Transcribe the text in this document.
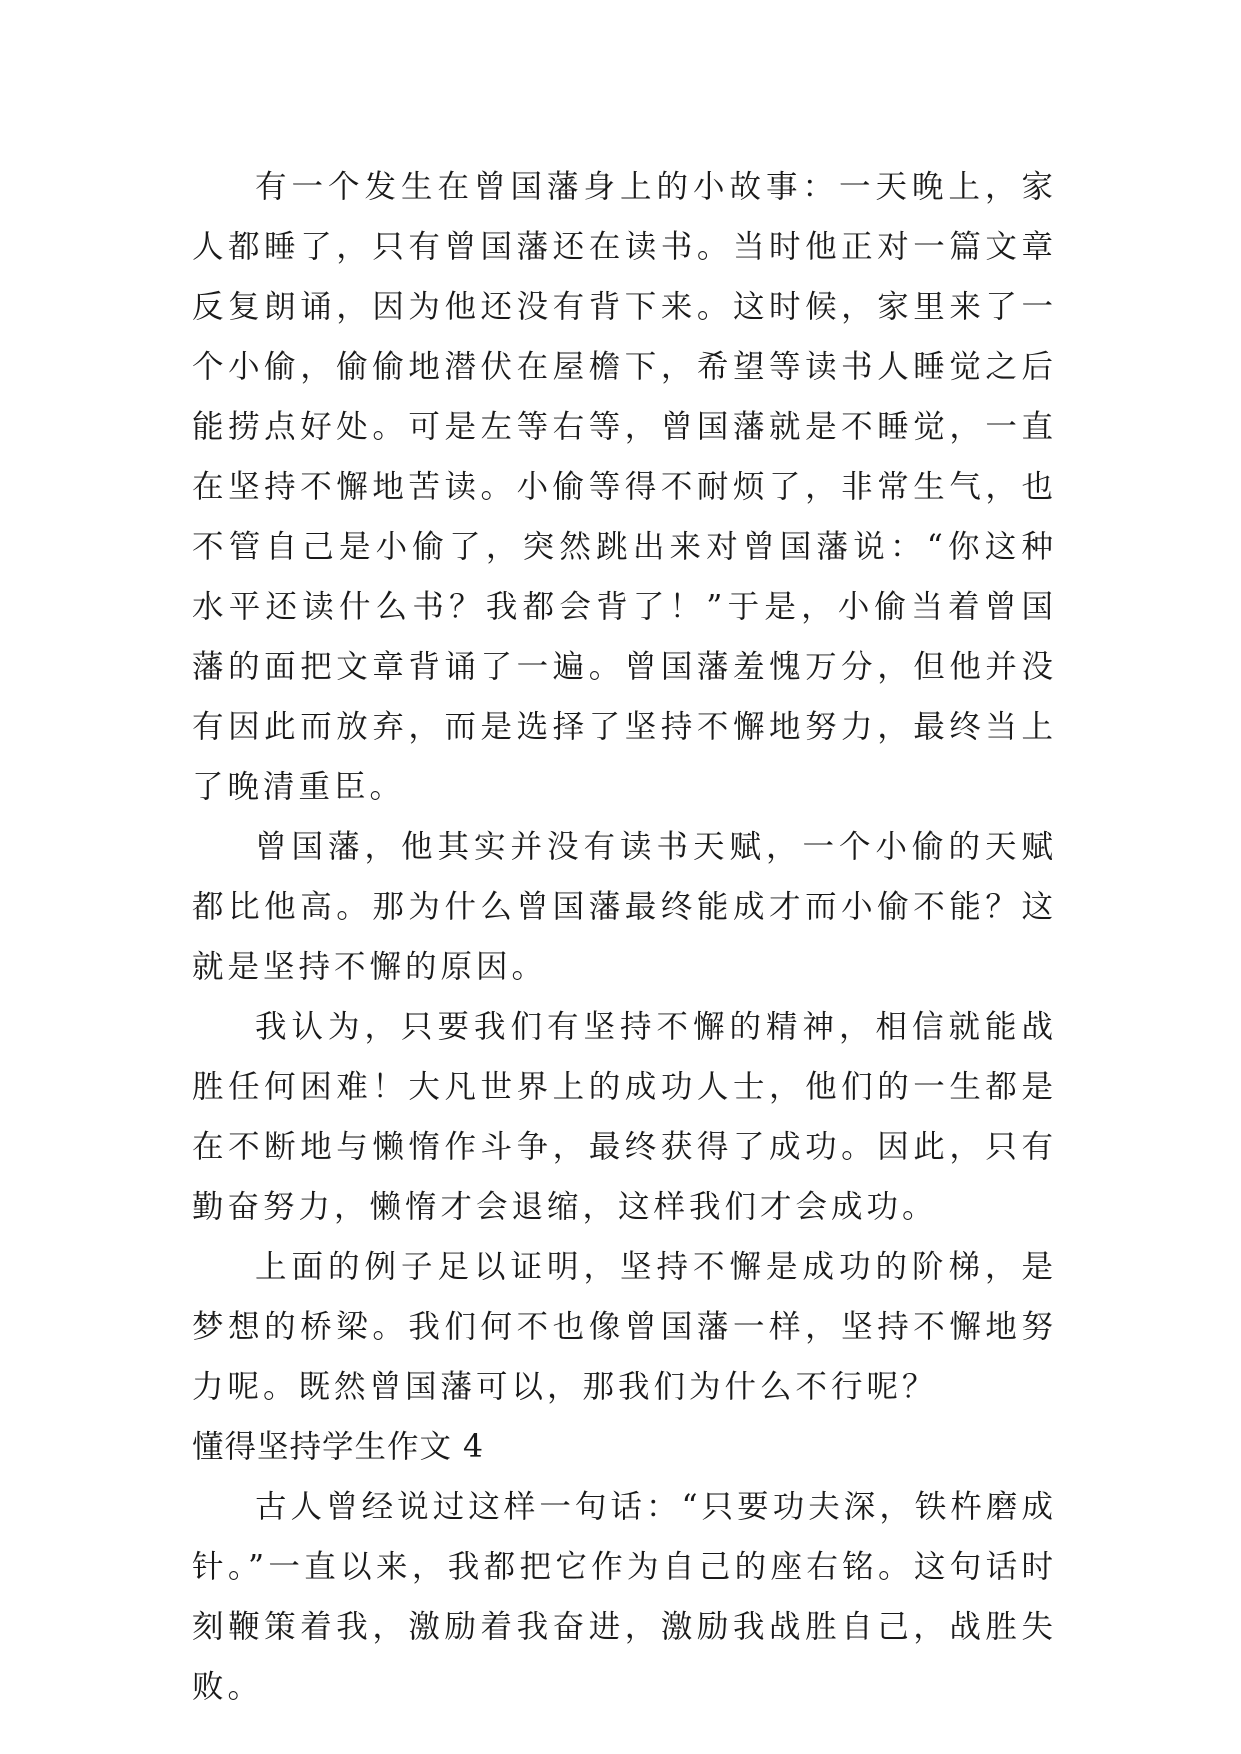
有一个发生在曾国藩身上的小故事：一天晚上，家人都睡了，只有曾国藩还在读书。当时他正对一篇文章反复朗诵，因为他还没有背下来。这时候，家里来了一个小偷，偷偷地潜伏在屋檐下，希望等读书人睡觉之后能捞点好处。可是左等右等，曾国藩就是不睡觉，一直在坚持不懈地苦读。小偷等得不耐烦了，非常生气，也不管自己是小偷了，突然跳出来对曾国藩说：“你这种水平还读什么书？我都会背了！”于是，小偷当着曾国藩的面把文章背诵了一遍。曾国藩羞愧万分，但他并没有因此而放弃，而是选择了坚持不懈地努力，最终当上了晚清重臣。

曾国藩，他其实并没有读书天赋，一个小偷的天赋都比他高。那为什么曾国藩最终能成才而小偷不能？这就是坚持不懈的原因。

我认为，只要我们有坚持不懈的精神，相信就能战胜任何困难！大凡世界上的成功人士，他们的一生都是在不断地与懒惰作斗争，最终获得了成功。因此，只有勤奋努力，懒惰才会退缩，这样我们才会成功。

上面的例子足以证明，坚持不懈是成功的阶梯，是梦想的桥梁。我们何不也像曾国藩一样，坚持不懈地努力呢。既然曾国藩可以，那我们为什么不行呢？

懂得坚持学生作文 4

古人曾经说过这样一句话：“只要功夫深，铁杵磨成针。”一直以来，我都把它作为自己的座右铭。这句话时刻鞭策着我，激励着我奋进，激励我战胜自己，战胜失败。
